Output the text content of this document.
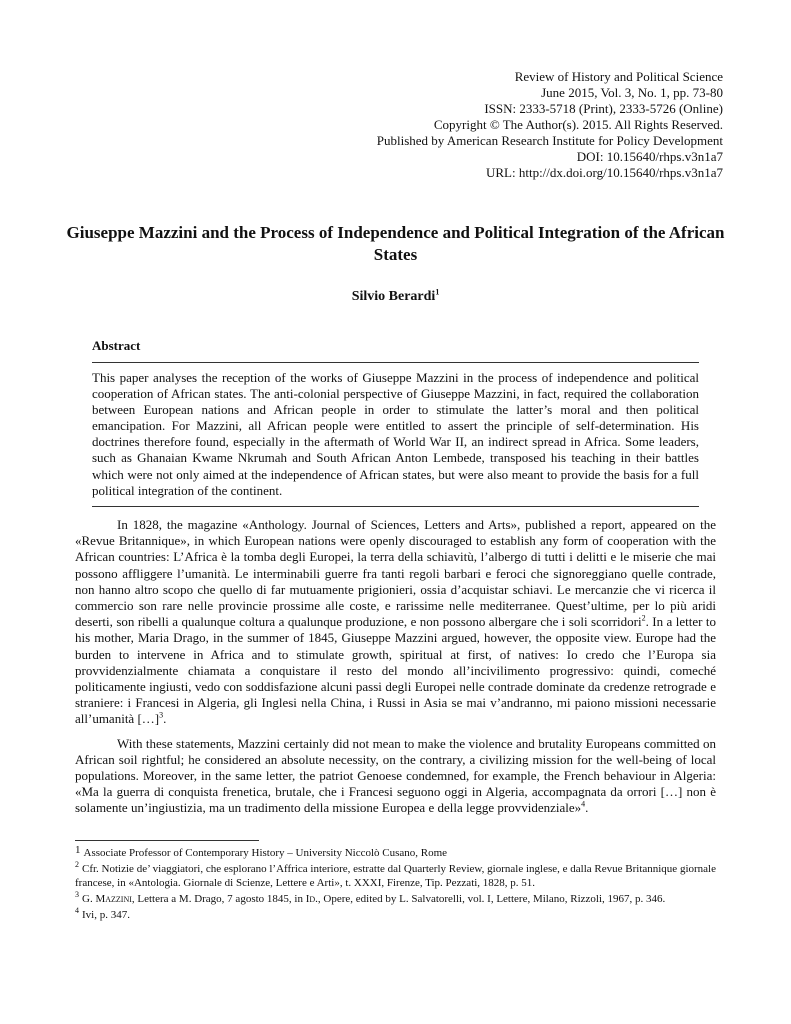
Review of History and Political Science
June 2015, Vol. 3, No. 1, pp. 73-80
ISSN: 2333-5718 (Print), 2333-5726 (Online)
Copyright © The Author(s). 2015. All Rights Reserved.
Published by American Research Institute for Policy Development
DOI: 10.15640/rhps.v3n1a7
URL: http://dx.doi.org/10.15640/rhps.v3n1a7
Giuseppe Mazzini and the Process of Independence and Political Integration of the African States
Silvio Berardi$^1$
Abstract
This paper analyses the reception of the works of Giuseppe Mazzini in the process of independence and political cooperation of African states. The anti-colonial perspective of Giuseppe Mazzini, in fact, required the collaboration between European nations and African people in order to stimulate the latter’s moral and then political emancipation. For Mazzini, all African people were entitled to assert the principle of self-determination. His doctrines therefore found, especially in the aftermath of World War II, an indirect spread in Africa. Some leaders, such as Ghanaian Kwame Nkrumah and South African Anton Lembede, transposed his teaching in their battles which were not only aimed at the independence of African states, but were also meant to provide the basis for a full political integration of the continent.

In 1828, the magazine «Anthology. Journal of Sciences, Letters and Arts», published a report, appeared on the «Revue Britannique», in which European nations were openly discouraged to establish any form of cooperation with the African countries: L’Africa è la tomba degli Europei, la terra della schiavitù, l’albergo di tutti i delitti e le miserie che mai possono affliggere l’umanità. Le interminabili guerre fra tanti regoli barbari e feroci che signoreggiano quelle contrade, non hanno altro scopo che quello di far mutuamente prigionieri, ossia d’acquistar schiavi. Le mercanzie che vi ricerca il commercio son rare nelle provincie prossime alle coste, e rarissime nelle mediterranee. Quest’ultime, per lo più aridi deserti, son ribelli a qualunque coltura a qualunque produzione, e non possono albergare che i soli scorridori$^2$. In a letter to his mother, Maria Drago, in the summer of 1845, Giuseppe Mazzini argued, however, the opposite view. Europe had the burden to intervene in Africa and to stimulate growth, spiritual at first, of natives: Io credo che l’Europa sia provvidenzialmente chiamata a conquistare il resto del mondo all’incivilimento progressivo: quindi, comeché politicamente ingiusti, vedo con soddisfazione alcuni passi degli Europei nelle contrade dominate da credenze retrograde e straniere: i Francesi in Algeria, gli Inglesi nella China, i Russi in Asia se mai v’andranno, mi paiono missioni necessarie all’umanità […]$^3$.

With these statements, Mazzini certainly did not mean to make the violence and brutality Europeans committed on African soil rightful; he considered an absolute necessity, on the contrary, a civilizing mission for the well-being of local populations. Moreover, in the same letter, the patriot Genoese condemned, for example, the French behaviour in Algeria: «Ma la guerra di conquista frenetica, brutale, che i Francesi seguono oggi in Algeria, accompagnata da orrori […] non è solamente un’ingiustizia, ma un tradimento della missione Europea e della legge provvidenziale»$^4$.

1 Associate Professor of Contemporary History – University Niccolò Cusano, Rome

$^2$ Cfr. Notizie de’ viaggiatori, che esplorano l’Affrica interiore, estratte dal Quarterly Review, giornale inglese, e dalla Revue Britannique giornale francese, in «Antologia. Giornale di Scienze, Lettere e Arti», t. XXXI, Firenze, Tip. Pezzati, 1828, p. 51.

$^3$ G. Mazzini, Lettera a M. Drago, 7 agosto 1845, in Id., Opere, edited by L. Salvatorelli, vol. I, Lettere, Milano, Rizzoli, 1967, p. 346.

$^4$ Ivi, p. 347.
